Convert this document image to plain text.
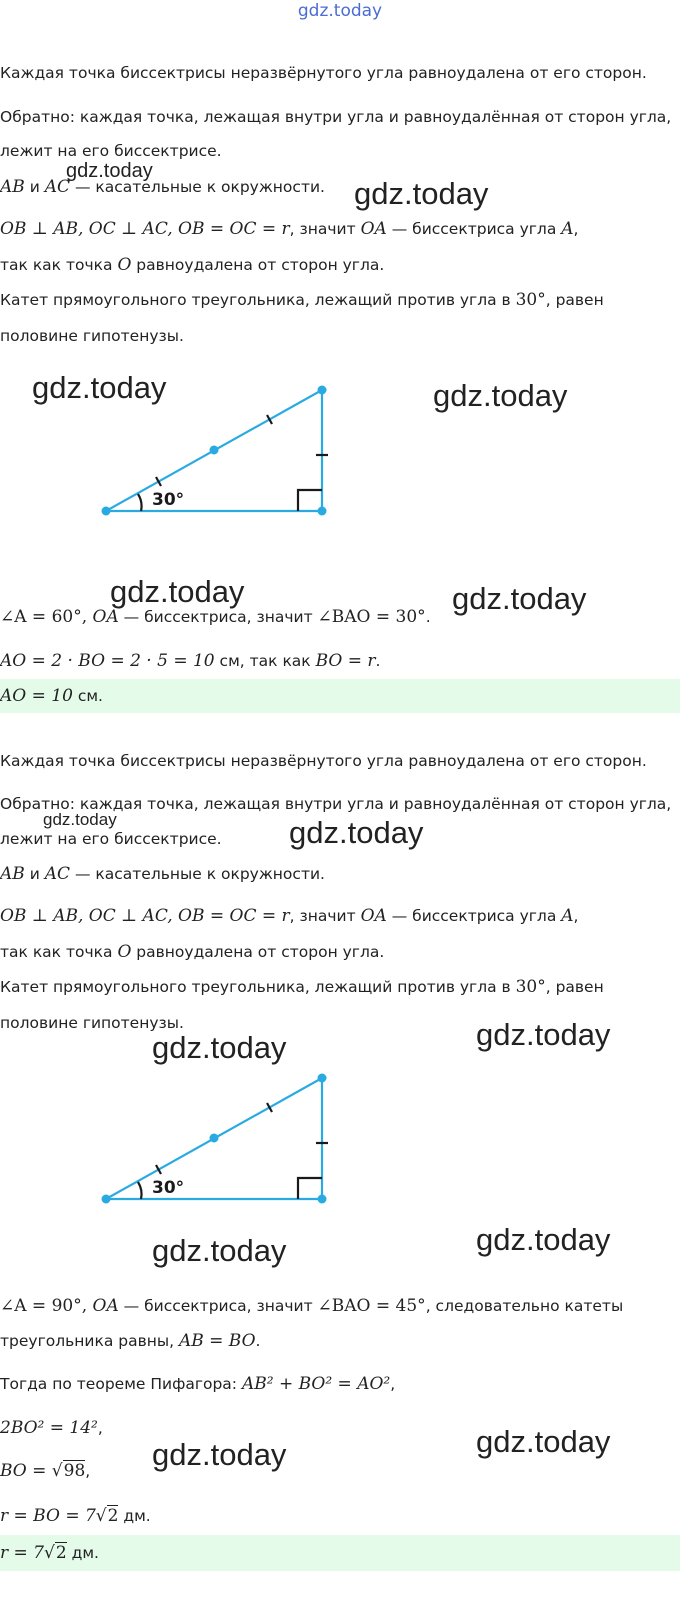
gdz.today
Каждая точка биссектрисы неразвёрнутого угла равноудалена от его сторон.
Обратно: каждая точка, лежащая внутри угла и равноудалённая от сторон угла,
лежит на его биссектрисе.
AB и AC — касательные к окружности.
OB ⊥ AB, OC ⊥ AC, OB = OC = r, значит OA — биссектриса угла A,
так как точка O равноудалена от сторон угла.
Катет прямоугольного треугольника, лежащий против угла в 30°, равен
половине гипотенузы.
30°
∠A = 60°, OA — биссектриса, значит ∠BAO = 30°.
AO = 2 · BO = 2 · 5 = 10 см, так как BO = r.
AO = 10 см.
Каждая точка биссектрисы неразвёрнутого угла равноудалена от его сторон.
Обратно: каждая точка, лежащая внутри угла и равноудалённая от сторон угла,
лежит на его биссектрисе.
AB и AC — касательные к окружности.
OB ⊥ AB, OC ⊥ AC, OB = OC = r, значит OA — биссектриса угла A,
так как точка O равноудалена от сторон угла.
Катет прямоугольного треугольника, лежащий против угла в 30°, равен
половине гипотенузы.
30°
∠A = 90°, OA — биссектриса, значит ∠BAO = 45°, следовательно катеты
треугольника равны, AB = BO.
Тогда по теореме Пифагора: AB² + BO² = AO²,
2BO² = 14²,
BO = √98,
r = BO = 7√2 дм.
r = 7√2 дм.
gdz.today
gdz.today
gdz.today	gdz.today
gdz.today	gdz.today
gdz.today	gdz.today
gdz.today
gdz.today
gdz.today
gdz.today
gdz.today
gdz.today
